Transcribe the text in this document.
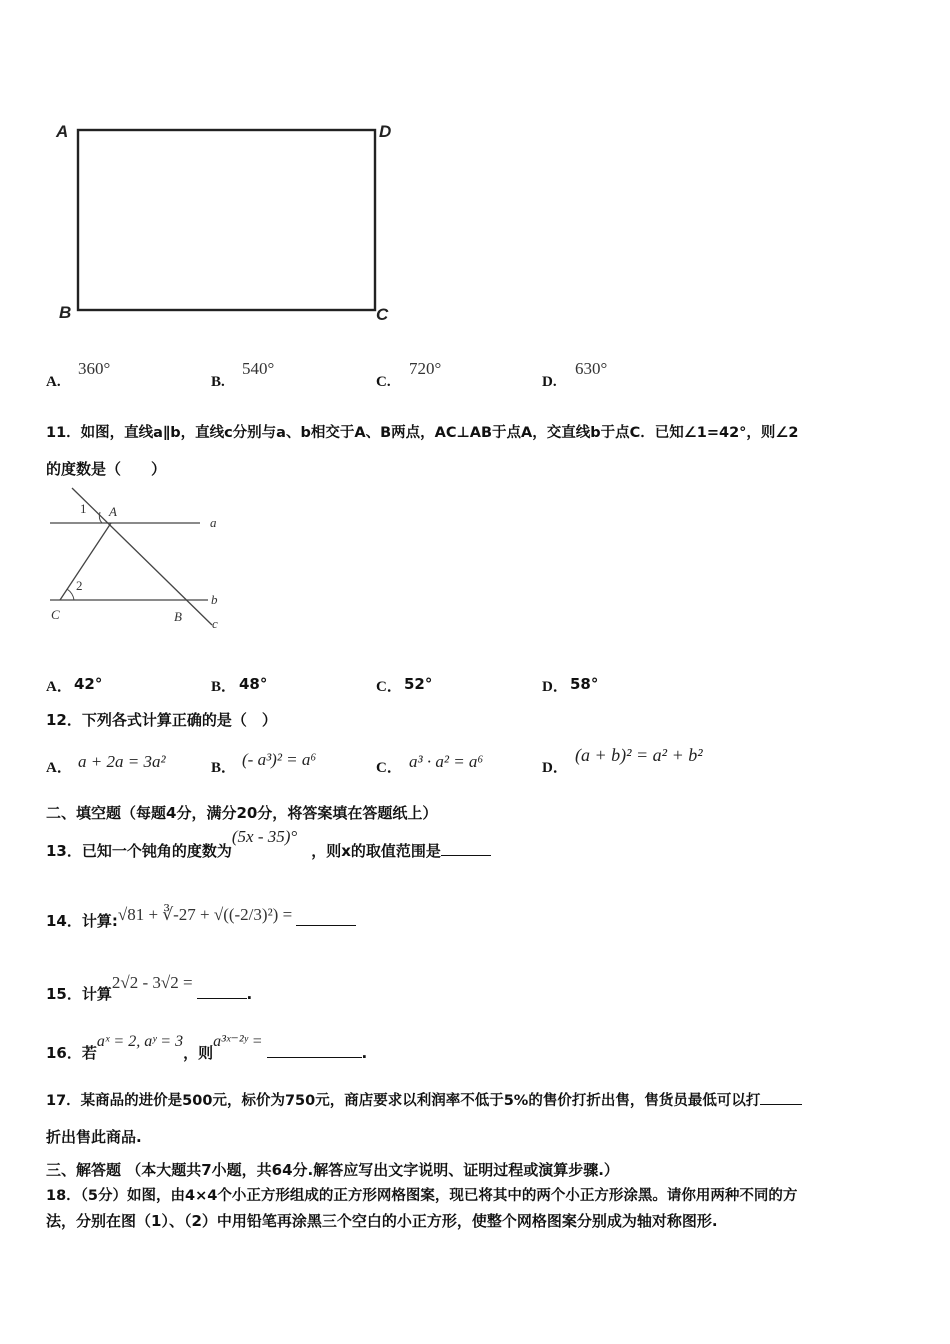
A	D
B	C
A.
360°
B.
540°
C.
720°
D.
630°
11．如图，直线a∥b，直线c分别与a、b相交于A、B两点，AC⊥AB于点A，交直线b于点C．已知∠1=42°，则∠2
的度数是（　　）
1 A
a
2
C	B
b
c
A． 42°	B． 48°	C． 52°	D． 58°
12．下列各式计算正确的是（　）
A． a + 2a = 3a²	B． (- a³)² = a⁶	C． a³ · a² = a⁶	D．
(a + b)² = a² + b²
二、填空题（每题4分，满分20分，将答案填在答题纸上）
13．已知一个钝角的度数为(5x - 35)°，则x的取值范围是
14．计算:√81 + ∛-27 + √((-2/3)²) =
15．计算2√2 - 3√2 =.
16．若aˣ = 2, aʸ = 3，则a³ˣ⁻²ʸ =.
17．某商品的进价是500元，标价为750元，商店要求以利润率不低于5%的售价打折出售，售货员最低可以打
折出售此商品.
三、解答题 （本大题共7小题，共64分.解答应写出文字说明、证明过程或演算步骤.）
18．（5分）如图，由4×4个小正方形组成的正方形网格图案，现已将其中的两个小正方形涂黑。请你用两种不同的方
法，分别在图（1）、（2）中用铅笔再涂黑三个空白的小正方形，使整个网格图案分别成为轴对称图形.
